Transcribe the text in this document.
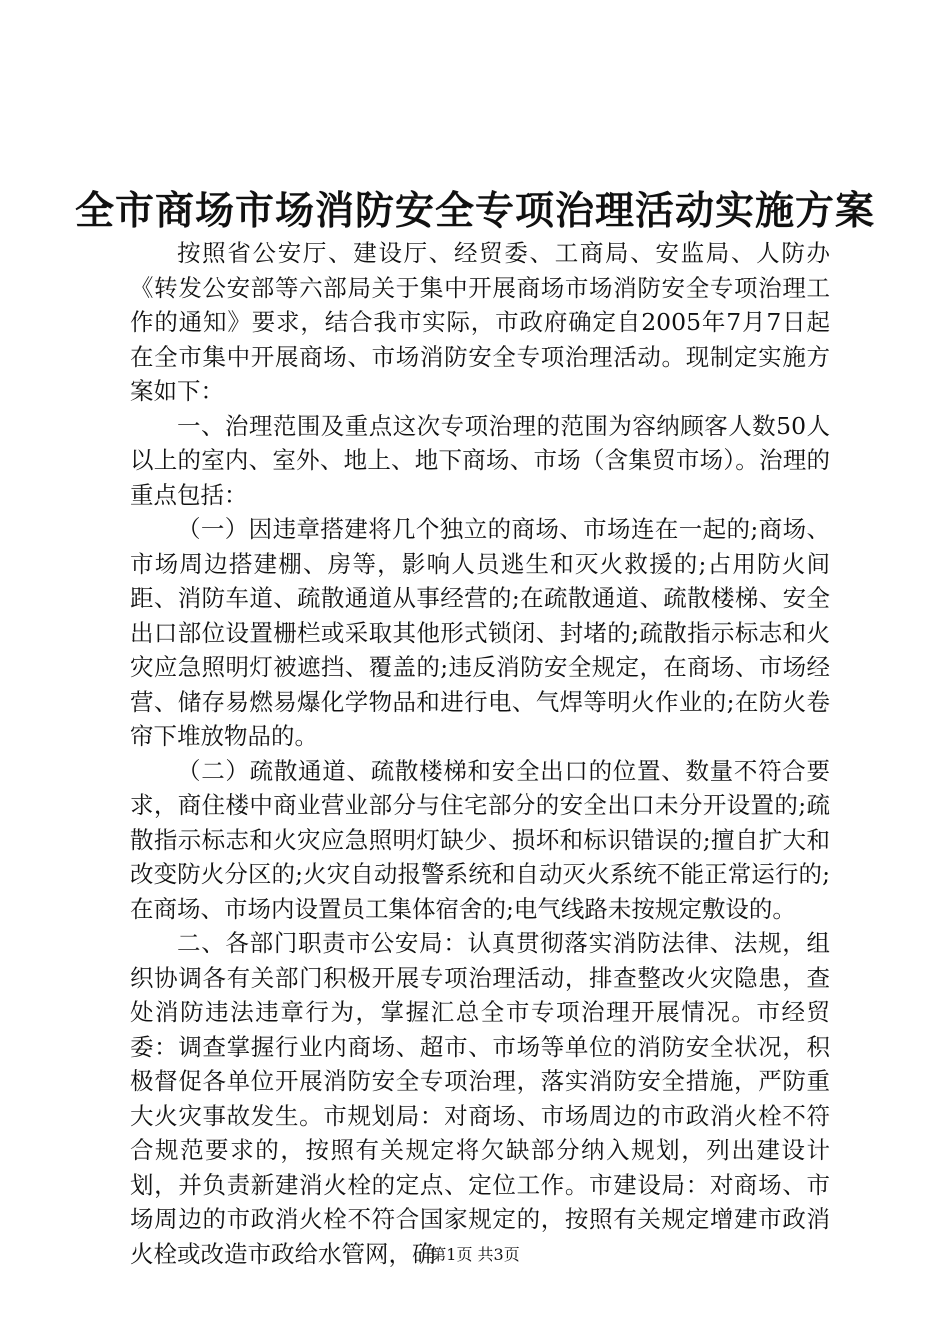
全市商场市场消防安全专项治理活动实施方案

按照省公安厅、建设厅、经贸委、工商局、安监局、人防办《转发公安部等六部局关于集中开展商场市场消防安全专项治理工作的通知》要求，结合我市实际，市政府确定自2005年7月7日起在全市集中开展商场、市场消防安全专项治理活动。现制定实施方案如下：

一、治理范围及重点这次专项治理的范围为容纳顾客人数50人以上的室内、室外、地上、地下商场、市场（含集贸市场）。治理的重点包括：

（一）因违章搭建将几个独立的商场、市场连在一起的;商场、市场周边搭建棚、房等，影响人员逃生和灭火救援的;占用防火间距、消防车道、疏散通道从事经营的;在疏散通道、疏散楼梯、安全出口部位设置栅栏或采取其他形式锁闭、封堵的;疏散指示标志和火灾应急照明灯被遮挡、覆盖的;违反消防安全规定，在商场、市场经营、储存易燃易爆化学物品和进行电、气焊等明火作业的;在防火卷帘下堆放物品的。

（二）疏散通道、疏散楼梯和安全出口的位置、数量不符合要求，商住楼中商业营业部分与住宅部分的安全出口未分开设置的;疏散指示标志和火灾应急照明灯缺少、损坏和标识错误的;擅自扩大和改变防火分区的;火灾自动报警系统和自动灭火系统不能正常运行的;在商场、市场内设置员工集体宿舍的;电气线路未按规定敷设的。

二、各部门职责市公安局：认真贯彻落实消防法律、法规，组织协调各有关部门积极开展专项治理活动，排查整改火灾隐患，查处消防违法违章行为，掌握汇总全市专项治理开展情况。市经贸委：调查掌握行业内商场、超市、市场等单位的消防安全状况，积极督促各单位开展消防安全专项治理，落实消防安全措施，严防重大火灾事故发生。市规划局：对商场、市场周边的市政消火栓不符合规范要求的，按照有关规定将欠缺部分纳入规划，列出建设计划，并负责新建消火栓的定点、定位工作。市建设局：对商场、市场周边的市政消火栓不符合国家规定的，按照有关规定增建市政消火栓或改造市政给水管网，确

第1页 共3页
